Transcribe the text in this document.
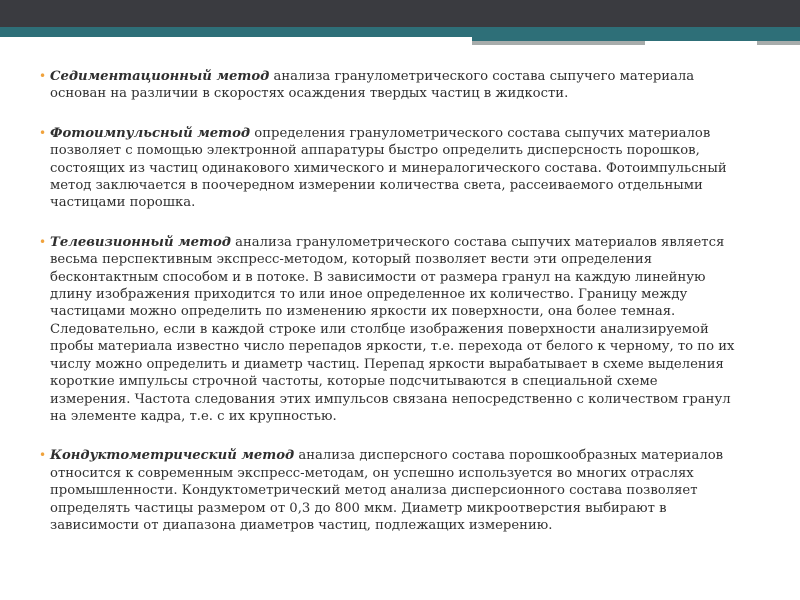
• Седиментационный метод анализа гранулометрического состава сыпучего материала основан на различии в скоростях осаждения твердых частиц в жидкости.
• Фотоимпульсный метод определения гранулометрического состава сыпучих материалов позволяет с помощью электронной аппаратуры быстро определить дисперсность порошков, состоящих из частиц одинакового химического и минералогического состава. Фотоимпульсный метод заключается в поочередном измерении количества света, рассеиваемого отдельными частицами порошка.
• Телевизионный метод анализа гранулометрического состава сыпучих материалов является весьма перспективным экспресс-методом, который позволяет вести эти определения бесконтактным способом и в потоке. В зависимости от размера гранул на каждую линейную длину изображения приходится то или иное определенное их количество. Границу между частицами можно определить по изменению яркости их поверхности, она более темная. Следовательно, если в каждой строке или столбце изображения поверхности анализируемой пробы материала известно число перепадов яркости, т.е. перехода от белого к черному, то по их числу можно определить и диаметр частиц. Перепад яркости вырабатывает в схеме выделения короткие импульсы строчной частоты, которые подсчитываются в специальной схеме измерения. Частота следования этих импульсов связана непосредственно с количеством гранул на элементе кадра, т.е. с их крупностью.
• Кондуктометрический метод анализа дисперсного состава порошкообразных материалов относится к современным экспресс-методам, он успешно используется во многих отраслях промышленности. Кондуктометрический метод анализа дисперсионного состава позволяет определять частицы размером от 0,3 до 800 мкм. Диаметр микроотверстия выбирают в зависимости от диапазона диаметров частиц, подлежащих измерению.
